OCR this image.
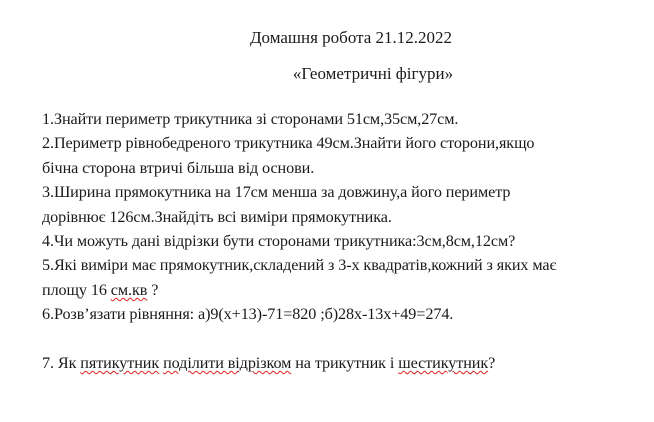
Домашня робота 21.12.2022
«Геометричні фігури»
1.Знайти периметр трикутника зі сторонами 51см,35см,27см.
2.Периметр рівнобедреного трикутника 49см.Знайти його сторони,якщо
бічна сторона втричі більша від основи.
3.Ширина прямокутника на 17см менша за довжину,а його периметр
дорівнює 126см.Знайдіть всі виміри прямокутника.
4.Чи можуть дані відрізки бути сторонами трикутника:3см,8см,12см?
5.Які виміри має прямокутник,складений з 3-х квадратів,кожний з яких має
площу 16 см.кв ?
6.Розв’язати рівняння: а)9(х+13)-71=820 ;б)28х-13х+49=274.
7. Як пятикутник поділити відрізком на трикутник і шестикутник?
